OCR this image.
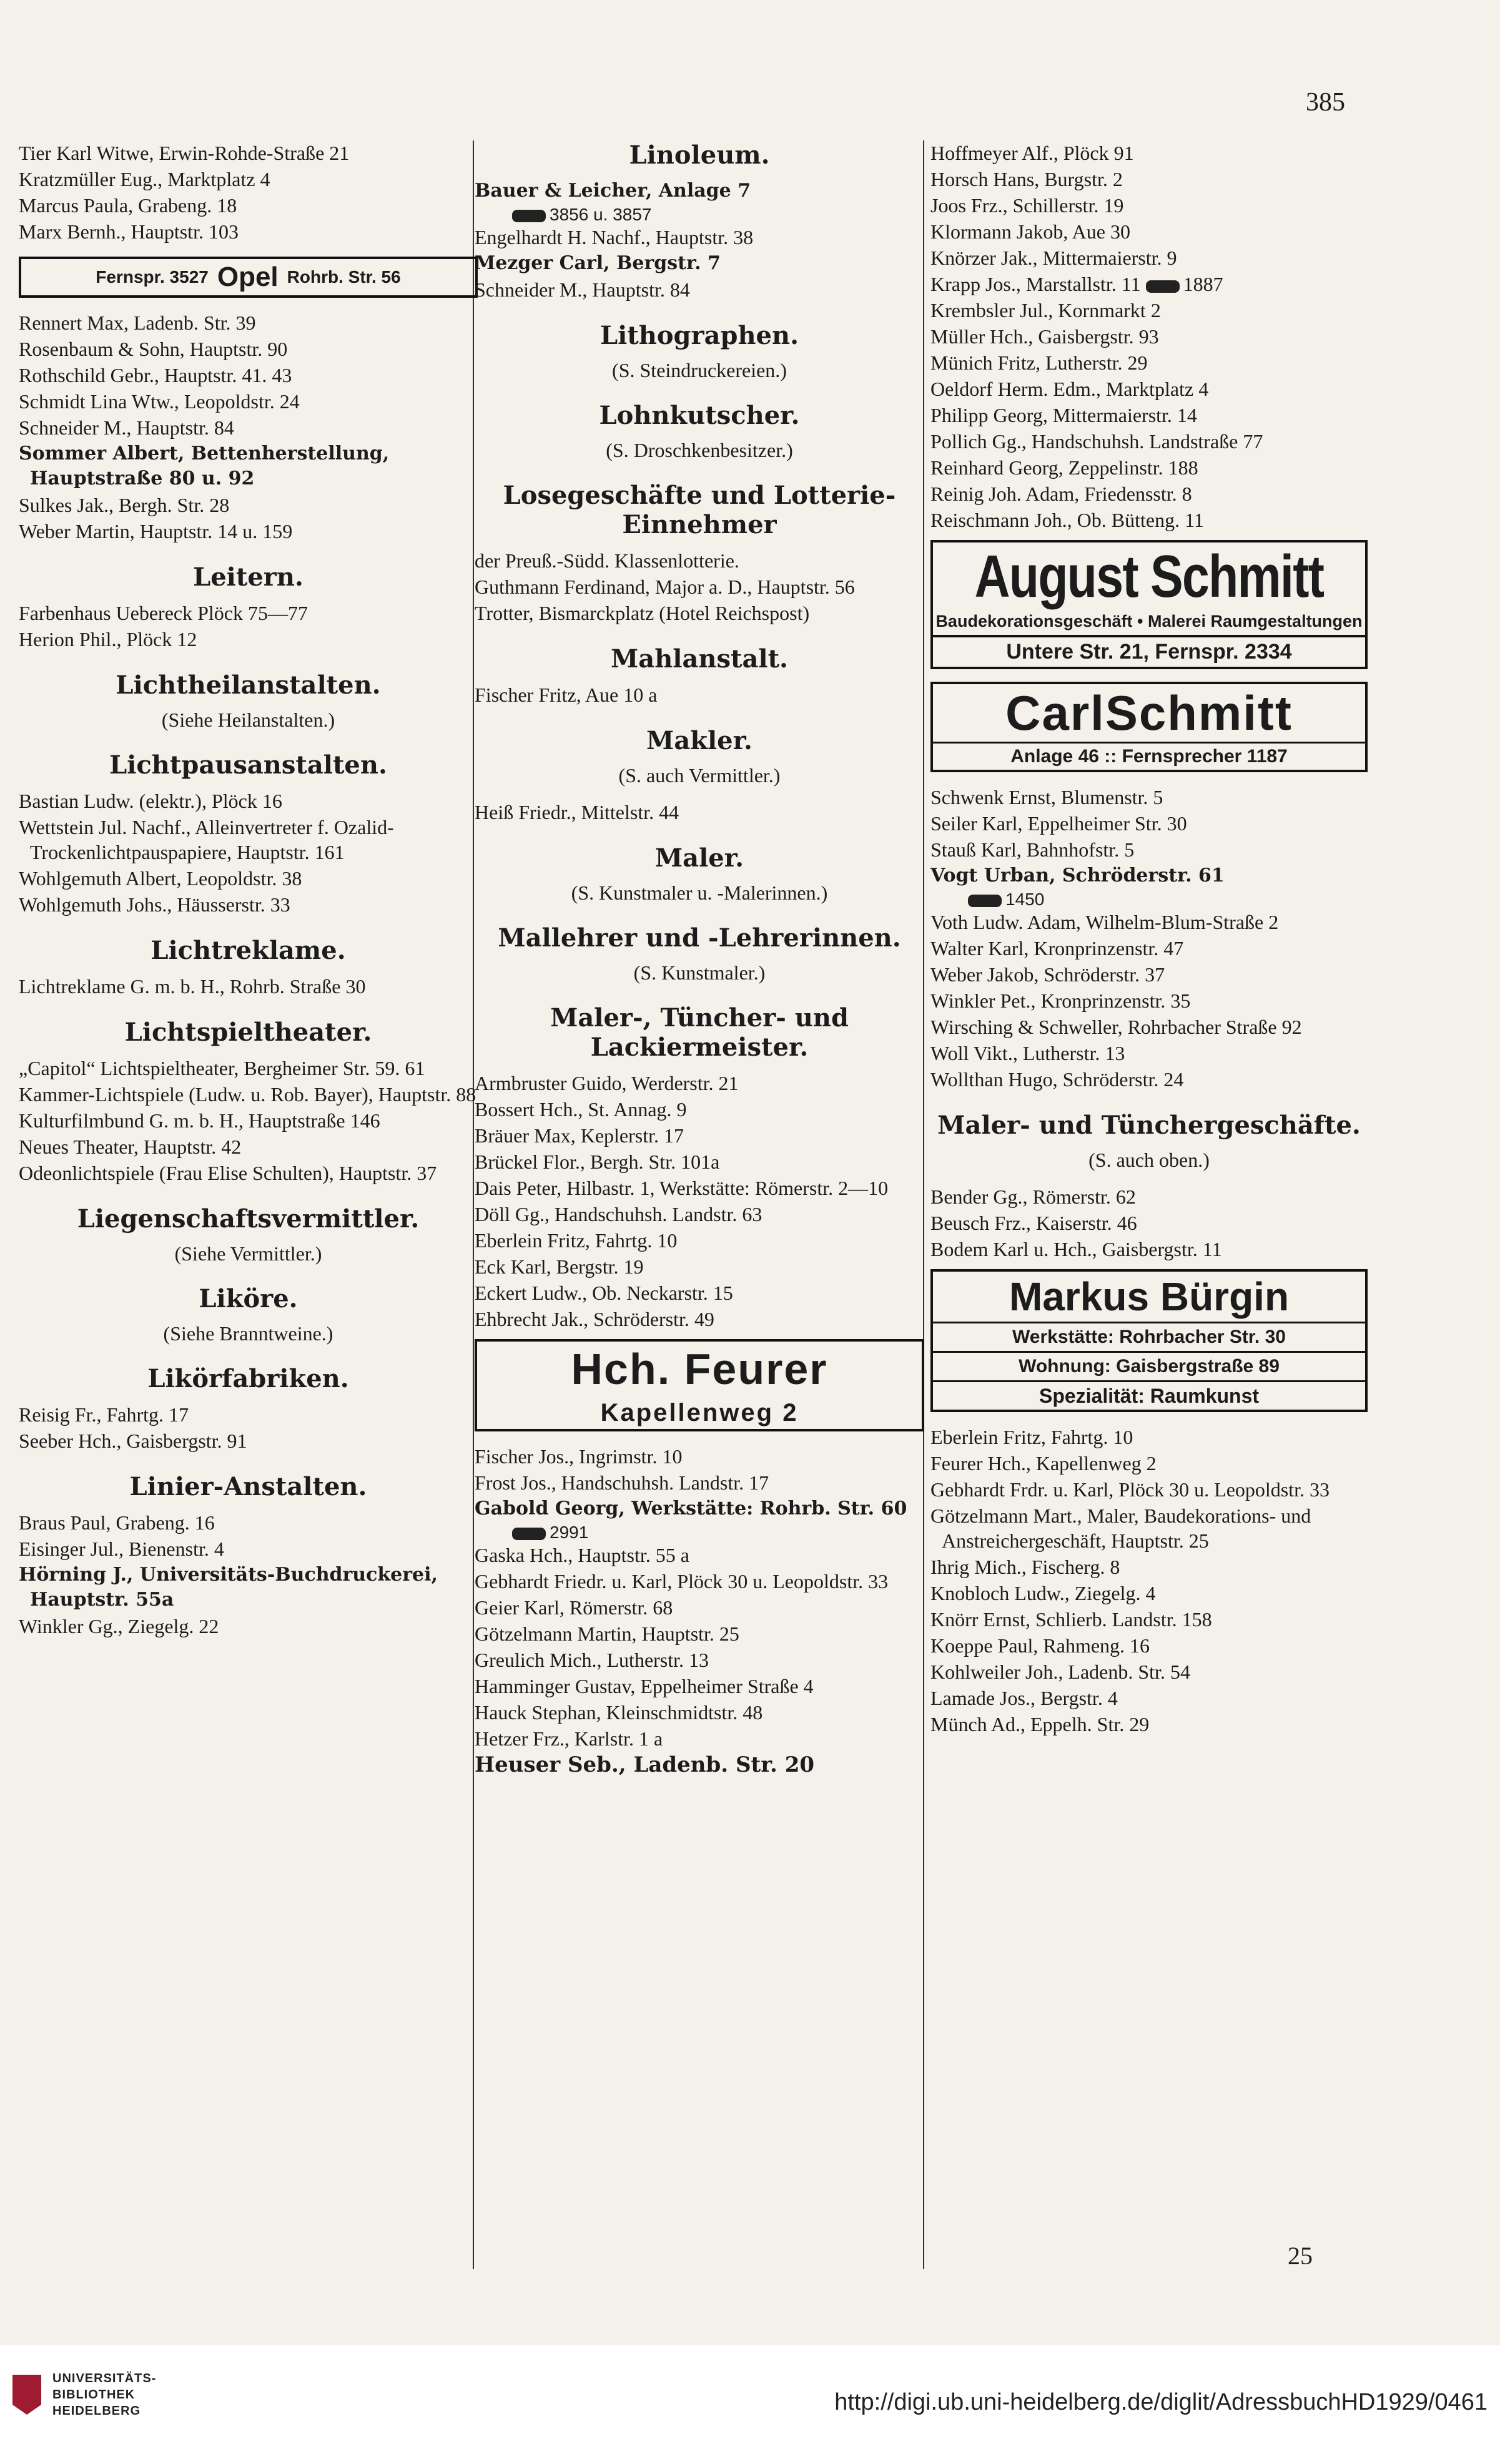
385
Tier Karl Witwe, Erwin-Rohde-Straße 21
Kratzmüller Eug., Marktplatz 4
Marcus Paula, Grabeng. 18
Marx Bernh., Hauptstr. 103
Fernspr. 3527 Opel Rohrb. Str. 56
Rennert Max, Ladenb. Str. 39
Rosenbaum & Sohn, Hauptstr. 90
Rothschild Gebr., Hauptstr. 41. 43
Schmidt Lina Wtw., Leopoldstr. 24
Schneider M., Hauptstr. 84
Sommer Albert, Bettenherstellung, Hauptstraße 80 u. 92
Sulkes Jak., Bergh. Str. 28
Weber Martin, Hauptstr. 14 u. 159
Leitern.
Farbenhaus Uebereck Plöck 75—77
Herion Phil., Plöck 12
Lichtheilanstalten.
(Siehe Heilanstalten.)
Lichtpausanstalten.
Bastian Ludw. (elektr.), Plöck 16
Wettstein Jul. Nachf., Alleinvertreter f. Ozalid-Trockenlichtpauspapiere, Hauptstr. 161
Wohlgemuth Albert, Leopoldstr. 38
Wohlgemuth Johs., Häusserstr. 33
Lichtreklame.
Lichtreklame G. m. b. H., Rohrb. Straße 30
Lichtspieltheater.
„Capitol“ Lichtspieltheater, Bergheimer Str. 59. 61
Kammer-Lichtspiele (Ludw. u. Rob. Bayer), Hauptstr. 88
Kulturfilmbund G. m. b. H., Hauptstraße 146
Neues Theater, Hauptstr. 42
Odeonlichtspiele (Frau Elise Schulten), Hauptstr. 37
Liegenschaftsvermittler.
(Siehe Vermittler.)
Liköre.
(Siehe Branntweine.)
Likörfabriken.
Reisig Fr., Fahrtg. 17
Seeber Hch., Gaisbergstr. 91
Linier-Anstalten.
Braus Paul, Grabeng. 16
Eisinger Jul., Bienenstr. 4
Hörning J., Universitäts-Buchdruckerei, Hauptstr. 55a
Winkler Gg., Ziegelg. 22
Linoleum.
Bauer & Leicher, Anlage 7
3856 u. 3857
Engelhardt H. Nachf., Hauptstr. 38
Mezger Carl, Bergstr. 7
Schneider M., Hauptstr. 84
Lithographen.
(S. Steindruckereien.)
Lohnkutscher.
(S. Droschkenbesitzer.)
Losegeschäfte und Lotterie-Einnehmer
der Preuß.-Südd. Klassenlotterie.
Guthmann Ferdinand, Major a. D., Hauptstr. 56
Trotter, Bismarckplatz (Hotel Reichspost)
Mahlanstalt.
Fischer Fritz, Aue 10 a
Makler.
(S. auch Vermittler.)
Heiß Friedr., Mittelstr. 44
Maler.
(S. Kunstmaler u. -Malerinnen.)
Mallehrer und -Lehrerinnen.
(S. Kunstmaler.)
Maler-, Tüncher- und Lackiermeister.
Armbruster Guido, Werderstr. 21
Bossert Hch., St. Annag. 9
Bräuer Max, Keplerstr. 17
Brückel Flor., Bergh. Str. 101a
Dais Peter, Hilbastr. 1, Werkstätte: Römerstr. 2—10
Döll Gg., Handschuhsh. Landstr. 63
Eberlein Fritz, Fahrtg. 10
Eck Karl, Bergstr. 19
Eckert Ludw., Ob. Neckarstr. 15
Ehbrecht Jak., Schröderstr. 49
Hch. Feurer
Kapellenweg 2
Fischer Jos., Ingrimstr. 10
Frost Jos., Handschuhsh. Landstr. 17
Gabold Georg, Werkstätte: Rohrb. Str. 60
2991
Gaska Hch., Hauptstr. 55 a
Gebhardt Friedr. u. Karl, Plöck 30 u. Leopoldstr. 33
Geier Karl, Römerstr. 68
Götzelmann Martin, Hauptstr. 25
Greulich Mich., Lutherstr. 13
Hamminger Gustav, Eppelheimer Straße 4
Hauck Stephan, Kleinschmidtstr. 48
Hetzer Frz., Karlstr. 1 a
Heuser Seb., Ladenb. Str. 20
Hoffmeyer Alf., Plöck 91
Horsch Hans, Burgstr. 2
Joos Frz., Schillerstr. 19
Klormann Jakob, Aue 30
Knörzer Jak., Mittermaierstr. 9
Krapp Jos., Marstallstr. 11 1887
Krembsler Jul., Kornmarkt 2
Müller Hch., Gaisbergstr. 93
Münich Fritz, Lutherstr. 29
Oeldorf Herm. Edm., Marktplatz 4
Philipp Georg, Mittermaierstr. 14
Pollich Gg., Handschuhsh. Landstraße 77
Reinhard Georg, Zeppelinstr. 188
Reinig Joh. Adam, Friedensstr. 8
Reischmann Joh., Ob. Bütteng. 11
August Schmitt
Baudekorationsgeschäft • Malerei Raumgestaltungen
Untere Str. 21, Fernspr. 2334
CarlSchmitt
Anlage 46 :: Fernsprecher 1187
Schwenk Ernst, Blumenstr. 5
Seiler Karl, Eppelheimer Str. 30
Stauß Karl, Bahnhofstr. 5
Vogt Urban, Schröderstr. 61
1450
Voth Ludw. Adam, Wilhelm-Blum-Straße 2
Walter Karl, Kronprinzenstr. 47
Weber Jakob, Schröderstr. 37
Winkler Pet., Kronprinzenstr. 35
Wirsching & Schweller, Rohrbacher Straße 92
Woll Vikt., Lutherstr. 13
Wollthan Hugo, Schröderstr. 24
Maler- und Tünchergeschäfte.
(S. auch oben.)
Bender Gg., Römerstr. 62
Beusch Frz., Kaiserstr. 46
Bodem Karl u. Hch., Gaisbergstr. 11
Markus Bürgin
Werkstätte: Rohrbacher Str. 30
Wohnung: Gaisbergstraße 89
Spezialität: Raumkunst
Eberlein Fritz, Fahrtg. 10
Feurer Hch., Kapellenweg 2
Gebhardt Frdr. u. Karl, Plöck 30 u. Leopoldstr. 33
Götzelmann Mart., Maler, Baudekorations- und Anstreichergeschäft, Hauptstr. 25
Ihrig Mich., Fischerg. 8
Knobloch Ludw., Ziegelg. 4
Knörr Ernst, Schlierb. Landstr. 158
Koeppe Paul, Rahmeng. 16
Kohlweiler Joh., Ladenb. Str. 54
Lamade Jos., Bergstr. 4
Münch Ad., Eppelh. Str. 29
25
UNIVERSITÄTS-
BIBLIOTHEK
HEIDELBERG	http://digi.ub.uni-heidelberg.de/diglit/AdressbuchHD1929/0461
